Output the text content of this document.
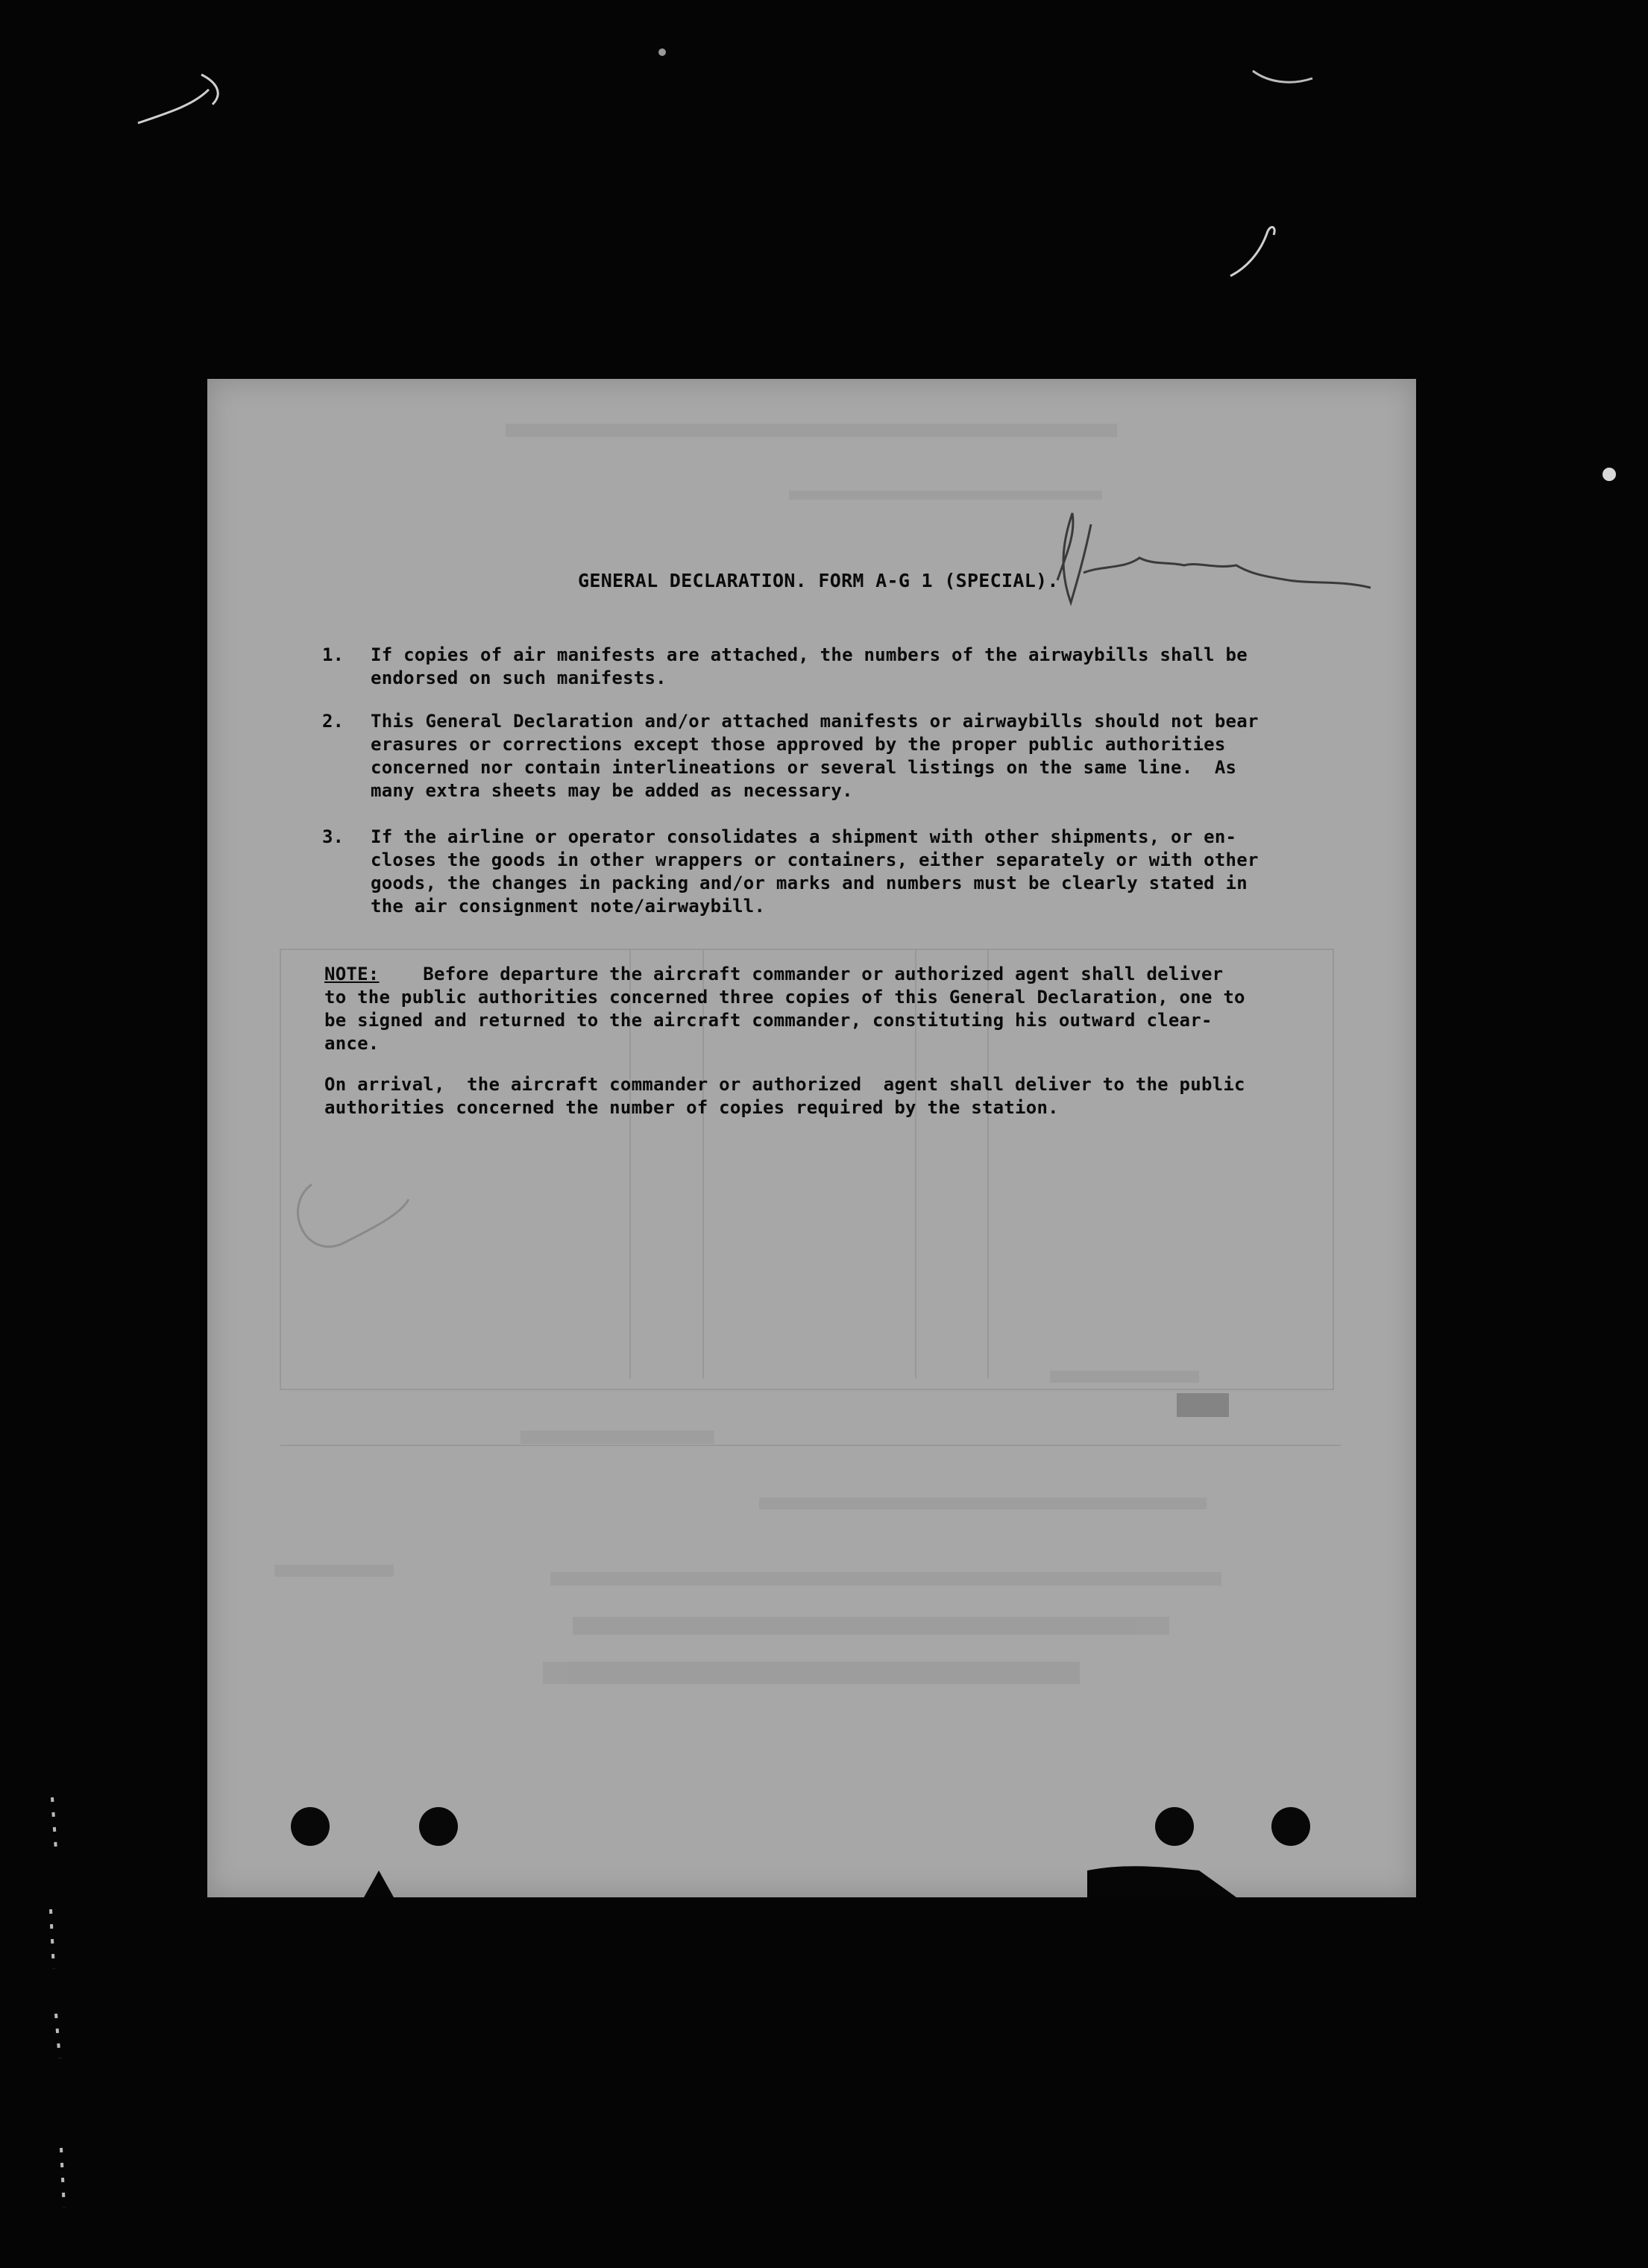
GENERAL DECLARATION. FORM A-G 1 (SPECIAL).
1. If copies of air manifests are attached, the numbers of the airwaybills shall be
endorsed on such manifests.
2. This General Declaration and/or attached manifests or airwaybills should not bear
erasures or corrections except those approved by the proper public authorities
concerned nor contain interlineations or several listings on the same line.  As
many extra sheets may be added as necessary.
3. If the airline or operator consolidates a shipment with other shipments, or en-
closes the goods in other wrappers or containers, either separately or with other
goods, the changes in packing and/or marks and numbers must be clearly stated in
the air consignment note/airwaybill.
NOTE:    Before departure the aircraft commander or authorized agent shall deliver
to the public authorities concerned three copies of this General Declaration, one to
be signed and returned to the aircraft commander, constituting his outward clear-
ance.
On arrival,  the aircraft commander or authorized  agent shall deliver to the public
authorities concerned the number of copies required by the station.
